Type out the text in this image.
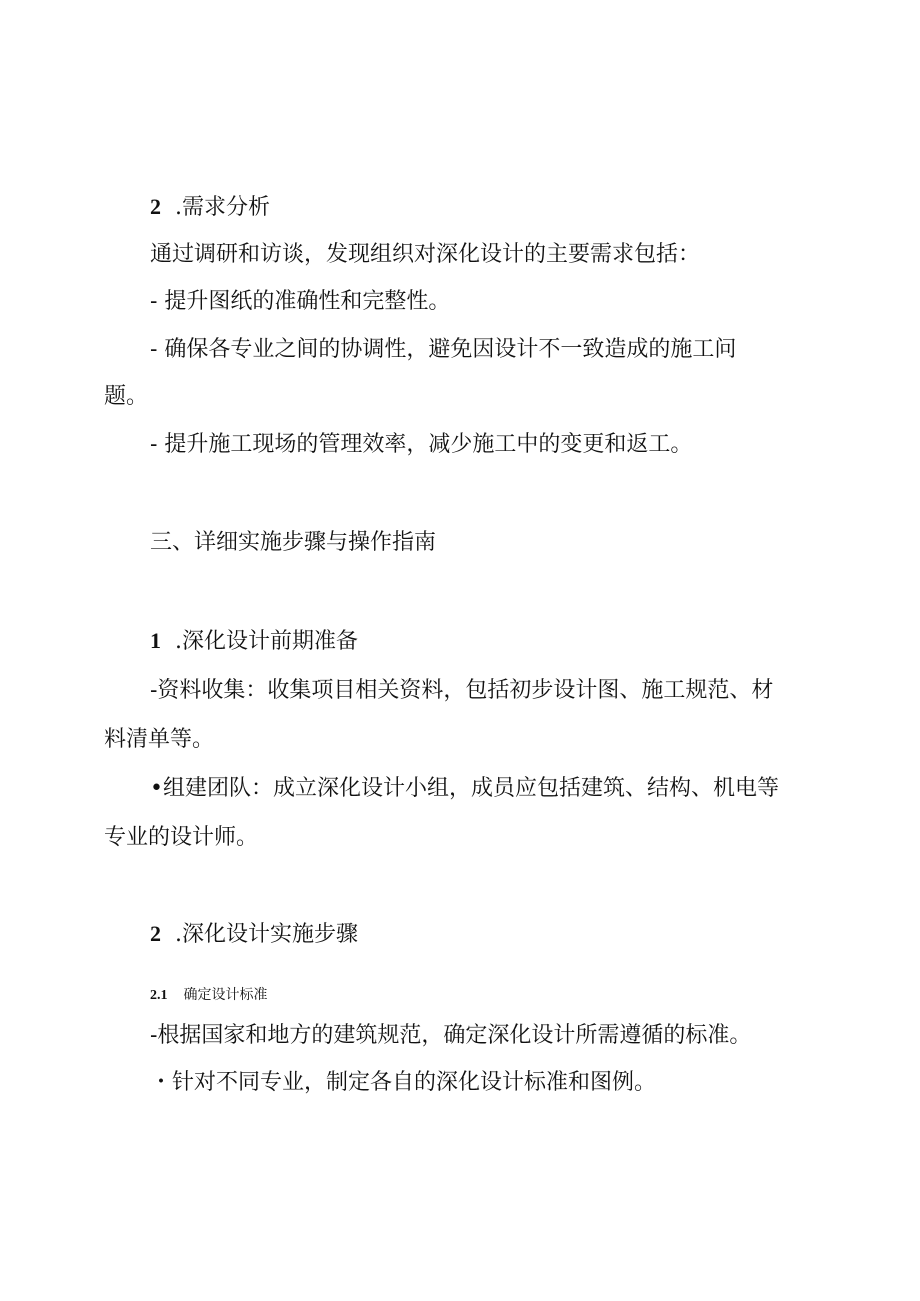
2 .需求分析
通过调研和访谈，发现组织对深化设计的主要需求包括：
- 提升图纸的准确性和完整性。
- 确保各专业之间的协调性，避免因设计不一致造成的施工问
题。
- 提升施工现场的管理效率，减少施工中的变更和返工。
三、详细实施步骤与操作指南
1 .深化设计前期准备
-资料收集：收集项目相关资料，包括初步设计图、施工规范、材
料清单等。
•组建团队：成立深化设计小组，成员应包括建筑、结构、机电等
专业的设计师。
2 .深化设计实施步骤
2.1 确定设计标准
-根据国家和地方的建筑规范，确定深化设计所需遵循的标准。
・针对不同专业，制定各自的深化设计标准和图例。
